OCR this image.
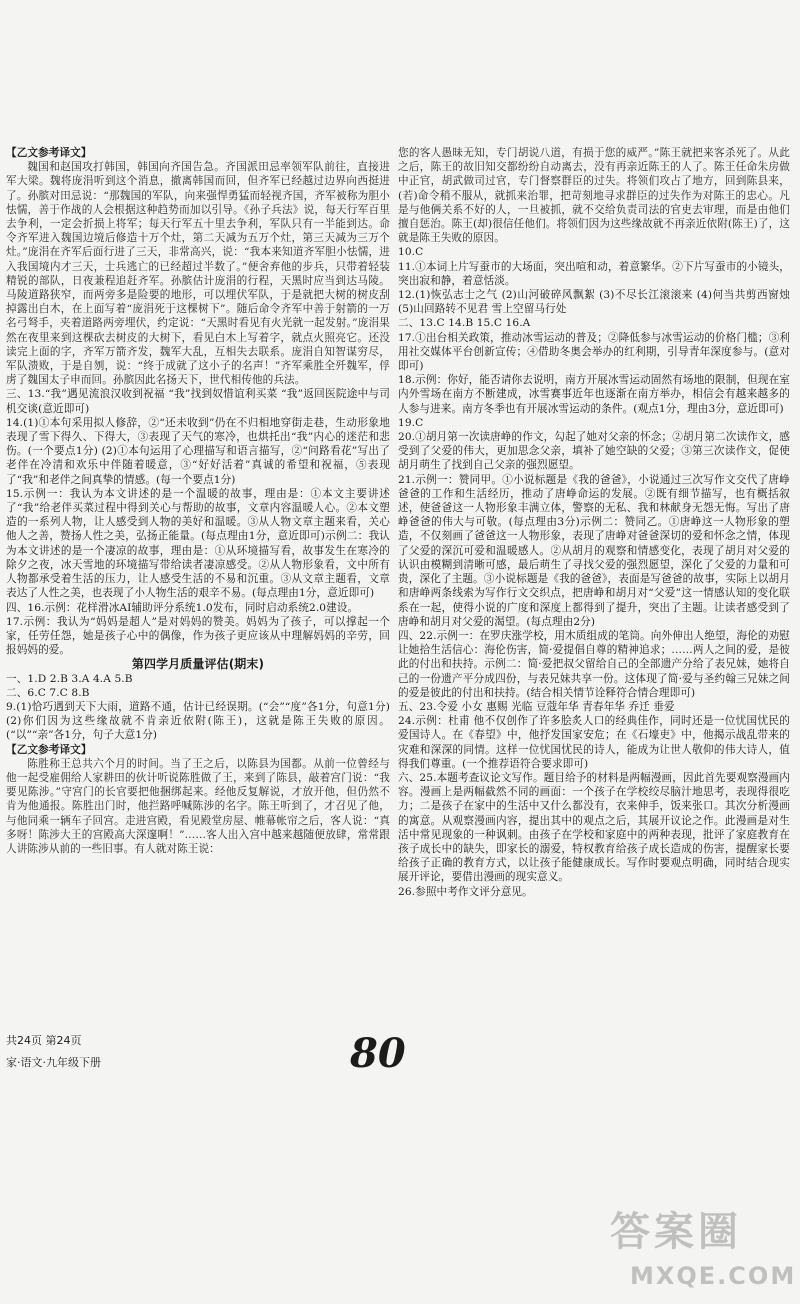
【乙文参考译文】

魏国和赵国攻打韩国，韩国向齐国告急。齐国派田忌率领军队前往，直接进军大梁。魏将庞涓听到这个消息，撤离韩国而回，但齐军已经越过边界向西挺进了。孙膑对田忌说：“那魏国的军队，向来强悍勇猛而轻视齐国，齐军被称为胆小怯懦，善于作战的人会根据这种趋势而加以引导。《孙子兵法》说，每天行军百里去争利，一定会折损上将军；每天行军五十里去争利，军队只有一半能到达。命令齐军进入魏国边境后修造十万个灶，第二天减为五万个灶，第三天减为三万个灶。”庞涓在齐军后面行进了三天，非常高兴，说：“我本来知道齐军胆小怯懦，进入我国境内才三天，士兵逃亡的已经超过半数了。”便舍弃他的步兵，只带着轻装精锐的部队，日夜兼程追赶齐军。孙膑估计庞涓的行程，天黑时应当到达马陵。马陵道路狭窄，而两旁多是险要的地形，可以埋伏军队，于是就把大树的树皮刮掉露出白木，在上面写着“庞涓死于这棵树下”。随后命令齐军中善于射箭的一万名弓弩手，夹着道路两旁埋伏，约定说：“天黑时看见有火光就一起发射。”庞涓果然在夜里来到这棵砍去树皮的大树下，看见白木上写着字，就点火照亮它。还没读完上面的字，齐军万箭齐发，魏军大乱，互相失去联系。庞涓自知智谋穷尽，军队溃败，于是自刎，说：“终于成就了这小子的名声！”齐军乘胜全歼魏军，俘虏了魏国太子申而回。孙膑因此名扬天下，世代相传他的兵法。

三、13.“我”遇见流浪汉收到祝福 “我”找到奴惜谊利买菜 “我”返回医院途中与司机交谈(意近即可)

14.(1)①本句采用拟人修辞，②“还未收到”仍在不归相地穿街走巷，生动形象地表现了雪下得久、下得大，③表现了天气的寒冷，也烘托出“我”内心的迷茫和悲伤。(一个要点1分) (2)①本句运用了心理描写和语言描写，②“问路看花”写出了老伴在冷清和欢乐中伴随着暖意，③“好好活着”真诚的希望和祝福，⑤表现了“我”和老伴之间真挚的情感。(每一个要点1分)

15.示例一：我认为本文讲述的是一个温暖的故事，理由是：①本文主要讲述了“我”给老伴买菜过程中得到关心与帮助的故事，文章内容温暖人心。②本文塑造的一系列人物，让人感受到人物的美好和温暖。③从人物文章主题来看，关心他人之善，赞扬人性之美，弘扬正能量。(每点理由1分，意近即可)示例二：我认为本文讲述的是一个凄凉的故事，理由是：①从环境描写看，故事发生在寒冷的除夕之夜，冰天雪地的环境描写带给读者凄凉感受。②从人物形象看，文中所有人物都承受着生活的压力，让人感受生活的不易和沉重。③从文章主题看，文章表达了人性之美，也表现了小人物生活的艰辛不易。(每点理由1分，意近即可)

四、16.示例：花样滑冰AI辅助评分系统1.0发布，同时启动系统2.0建设。

17.示例：我认为“妈妈是超人”是对妈妈的赞美。妈妈为了孩子，可以撑起一个家，任劳任怨，她是孩子心中的偶像，作为孩子更应该从中理解妈妈的辛劳，回报妈妈的爱。

第四学月质量评估(期末)

一、1.D 2.B 3.A 4.A 5.B

二、6.C 7.C 8.B

9.(1)恰巧遇到天下大雨，道路不通，估计已经误期。(“会”“度”各1分，句意1分) (2)你们因为这些缘故就不肯亲近依附(陈王)，这就是陈王失败的原因。(“以”“亲”各1分，句子大意1分)

【乙文参考译文】

陈胜称王总共六个月的时间。当了王之后，以陈县为国都。从前一位曾经与他一起受雇佣给人家耕田的伙计听说陈胜做了王，来到了陈县，敲着宫门说：“我要见陈涉。”守宫门的长官要把他捆绑起来。经他反复解说，才放开他，但仍然不肯为他通报。陈胜出门时，他拦路呼喊陈涉的名字。陈王听到了，才召见了他，与他同乘一辆车子回宫。走进宫殿，看见殿堂房屋、帷幕帐帘之后，客人说：“真多呀！陈涉大王的宫殿高大深邃啊！”……客人出入宫中越来越随便放肆，常常跟人讲陈涉从前的一些旧事。有人就对陈王说：

您的客人愚昧无知，专门胡说八道，有损于您的威严。”陈王就把来客杀死了。从此之后，陈王的故旧知交都纷纷自动离去，没有再亲近陈王的人了。陈王任命朱房做中正官，胡武做司过官，专门督察群臣的过失。将领们攻占了地方，回到陈县来，(若)命令稍不服从，就抓来治罪，把苛刻地寻求群臣的过失作为对陈王的忠心。凡是与他俩关系不好的人，一旦被抓，就不交给负责司法的官吏去审理，而是由他们擅自惩治。陈王(却)很信任他们。将领们因为这些缘故就不再亲近依附(陈王)了，这就是陈王失败的原因。

10.C

11.①本词上片写蚕市的大场面，突出喧和动，着意繁华。②下片写蚕市的小镜头，突出寂和静，着意恬淡。

12.(1)恢弘志士之气 (2)山河破碎风飘絮 (3)不尽长江滚滚来 (4)何当共剪西窗烛 (5)山回路转不见君 雪上空留马行处

二、13.C 14.B 15.C 16.A

17.①出台相关政策，推动冰雪运动的普及；②降低参与冰雪运动的价格门槛；③利用社交媒体平台创新宣传；④借助冬奥会举办的红利期，引导青年深度参与。(意对即可)

18.示例：你好，能否请你去说明，南方开展冰雪运动固然有场地的限制，但现在室内外雪场在南方不断建成，冰雪赛事近年也逐渐在南方举办，相信会有越来越多的人参与进来。南方冬季也有开展冰雪运动的条件。(观点1分，理由3分，意近即可)

19.C

20.①胡月第一次读唐峥的作文，勾起了她对父亲的怀念；②胡月第二次读作文，感受到了父爱的伟大，更加思念父亲，填补了她空缺的父爱；③第三次读作文，促使胡月萌生了找到自己父亲的强烈愿望。

21.示例一：赞同甲。①小说标题是《我的爸爸》，小说通过三次写作文交代了唐峥爸爸的工作和生活经历，推动了唐峥命运的发展。②既有细节描写，也有概括叙述，使爸爸这一人物形象丰满立体，警察的无私、我和林献身无怨无悔。写出了唐峥爸爸的伟大与可敬。(每点理由3分)示例二：赞同乙。①唐峥这一人物形象的塑造，不仅刻画了爸爸这一人物形象，表现了唐峥对爸爸深切的爱和怀念之情，体现了父爱的深沉可爱和温暖感人。②从胡月的观察和情感变化，表现了胡月对父爱的认识由模糊到清晰可感，最后萌生了寻找父爱的强烈愿望，深化了父爱的力量和可贵，深化了主题。③小说标题是《我的爸爸》，表面是写爸爸的故事，实际上以胡月和唐峥两条线索为写作行文交织点，把唐峥和胡月对“父爱”这一情感认知的变化联系在一起，使得小说的广度和深度上都得到了提升，突出了主题。让读者感受到了唐峥和胡月对父爱的渴望。(每点理由2分)

四、22.示例一：在罗庆涨学校，用木质组成的笔筒。向外伸出人绝望，海伦的劝慰让她拾生活信心：海伦伤害，简·爱提倡自尊的精神追求；……两人之间的爱，是彼此的付出和扶持。示例二：简·爱把叔父留给自己的全部遗产分给了表兄妹，她将自己的一份遗产平分成四份，与表兄妹共享一份。这体现了简·爱与圣约翰三兄妹之间的爱是彼此的付出和扶持。(结合相关情节诠释符合情合理即可)

五、23.令爱 小女 惠赐 光临 豆蔻年华 青春年华 乔迁 垂爱

24.示例：杜甫 他不仅创作了许多脍炙人口的经典佳作，同时还是一位忧国忧民的爱国诗人。在《春望》中，他抒发国家安危；在《石壕吏》中，他揭示战乱带来的灾难和深深的同情。这样一位忧国忧民的诗人，能成为让世人敬仰的伟大诗人，值得我们尊重。(一个推荐语符合要求即可)

六、25.本题考查议论文写作。题目给予的材料是两幅漫画，因此首先要观察漫画内容。漫画上是两幅截然不同的画面：一个孩子在学校绞尽脑汁地思考，表现得很吃力；二是孩子在家中的生活中又什么都没有，衣来伸手，饭来张口。其次分析漫画的寓意。从观察漫画内容，提出其中的观点之后，其展开议论之作。此漫画是对生活中常见现象的一种讽刺。由孩子在学校和家庭中的两种表现，批评了家庭教育在孩子成长中的缺失，即家长的溺爱，特权教育给孩子成长造成的伤害，提醒家长要给孩子正确的教育方式，以让孩子能健康成长。写作时要观点明确，同时结合现实展开评论，要借出漫画的现实意义。

26.参照中考作文评分意见。

共24页 第24页
家·语文·九年级下册	80
答案圈
MXQE.COM
